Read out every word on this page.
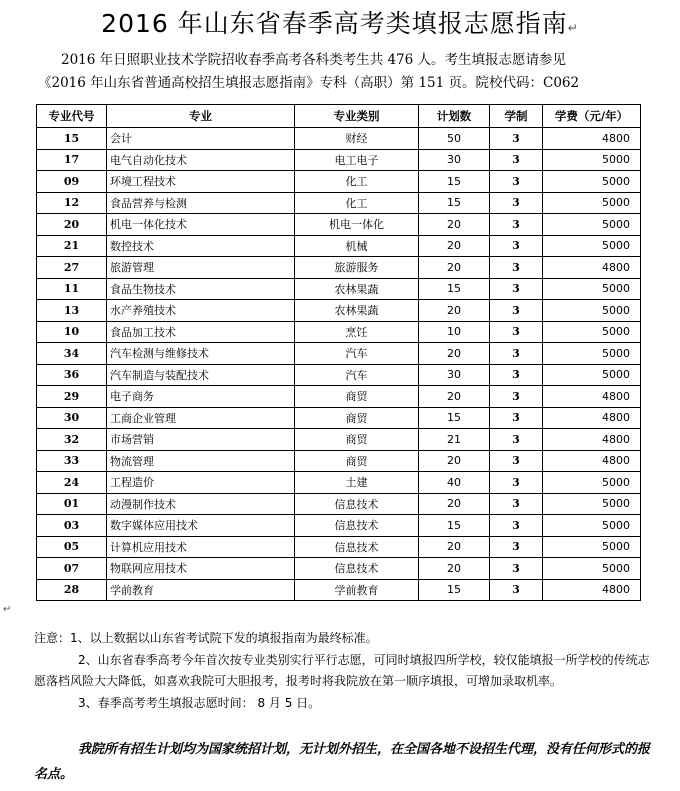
2016 年山东省春季高考类填报志愿指南↵

2016 年日照职业技术学院招收春季高考各科类考生共 476 人。考生填报志愿请参见

《2016 年山东省普通高校招生填报志愿指南》专科（高职）第 151 页。院校代码：C062

专业代号	专业	专业类别	计划数	学制	学费（元/年）
15	会计	财经	50	3	4800
17	电气自动化技术	电工电子	30	3	5000
09	环境工程技术	化工	15	3	5000
12	食品营养与检测	化工	15	3	5000
20	机电一体化技术	机电一体化	20	3	5000
21	数控技术	机械	20	3	5000
27	旅游管理	旅游服务	20	3	4800
11	食品生物技术	农林果蔬	15	3	5000
13	水产养殖技术	农林果蔬	20	3	5000
10	食品加工技术	烹饪	10	3	5000
34	汽车检测与维修技术	汽车	20	3	5000
36	汽车制造与装配技术	汽车	30	3	5000
29	电子商务	商贸	20	3	4800
30	工商企业管理	商贸	15	3	4800
32	市场营销	商贸	21	3	4800
33	物流管理	商贸	20	3	4800
24	工程造价	土建	40	3	5000
01	动漫制作技术	信息技术	20	3	5000
03	数字媒体应用技术	信息技术	15	3	5000
05	计算机应用技术	信息技术	20	3	5000
07	物联网应用技术	信息技术	20	3	5000
28	学前教育	学前教育	15	3	4800
↵

注意：1、以上数据以山东省考试院下发的填报指南为最终标准。

2、山东省春季高考今年首次按专业类别实行平行志愿，可同时填报四所学校，较仅能填报一所学校的传统志愿落档风险大大降低，如喜欢我院可大胆报考，报考时将我院放在第一顺序填报，可增加录取机率。

3、春季高考考生填报志愿时间： 8 月 5 日。

我院所有招生计划均为国家统招计划，无计划外招生，在全国各地不设招生代理，没有任何形式的报名点。
